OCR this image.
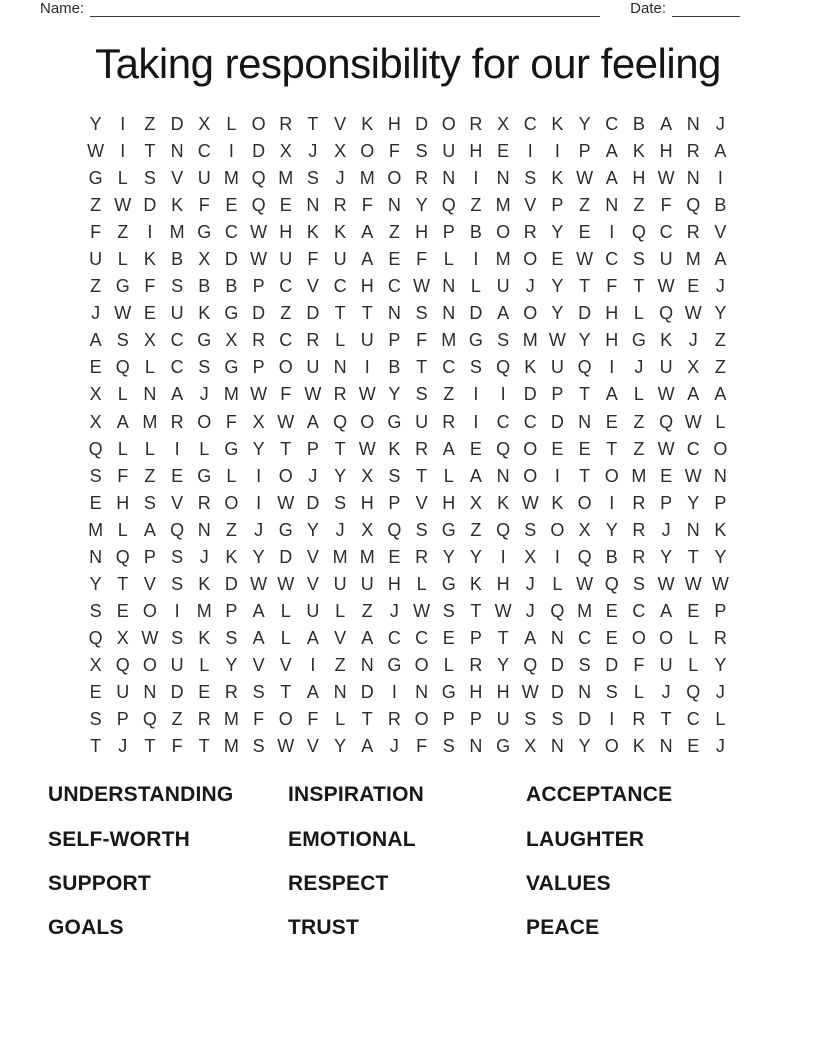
Name:	Date:
Taking responsibility for our feeling
Y	I	Z D X L O R T V K H D O R X C K Y C B A N J
W I	T N C	I	D X J X O F S U H E	I	I	P A K H R A
G L S V U M Q M S J M O R N	I	N S K W A H W N	I
Z W D K F E Q E N R F N Y Q Z M V P Z N Z F Q B
F Z	I M G C W H K K A Z H P B O R Y E	I Q C R V
U L K B X D W U F U A E F L	I M O E W C S U M A
Z G F S B B P C V C H C W N L U J Y T F T W E J
J W E U K G D Z D T T N S N D A O Y D H L Q W Y
A S X C G X R C R L U P F M G S M W Y H G K J Z
E Q L C S G P O U N	I	B T C S Q K U Q I	J U X Z
X L N A J M W F W R W Y S Z	I	I	D P T A L W A A
X A M R O F X W A Q O G U R	I	C C D N E Z Q W L
Q L L	I	L G Y T P T W K R A E Q O E E T Z W C O
S F Z E G L	I O J Y X S T L A N O I	T O M E W N
E H S V R O I W D S H P V H X K W K O I	R P Y P
M L A Q N Z J G Y J X Q S G Z Q S O X Y R J N K
N Q P S J K Y D V M M E R Y Y	I	X	I Q B R Y T Y
Y T V S K D W W V U U H L G K H J L W Q S W W W
S E O I M P A L U L Z J W S T W J Q M E C A E P
Q X W S K S A L A V A C C E P T A N C E O O L R
X Q O U L Y V V	I	Z N G O L R Y Q D S D F U L Y
E U N D E R S T A N D	I	N G H H W D N S L J Q J
S P Q Z R M F O F L T R O P P U S S D	I	R T C L
T J T F T M S W V Y A J F S N G X N Y O K N E J
UNDERSTANDING	INSPIRATION	ACCEPTANCE
SELF-WORTH	EMOTIONAL	LAUGHTER
SUPPORT	RESPECT	VALUES
GOALS	TRUST	PEACE
